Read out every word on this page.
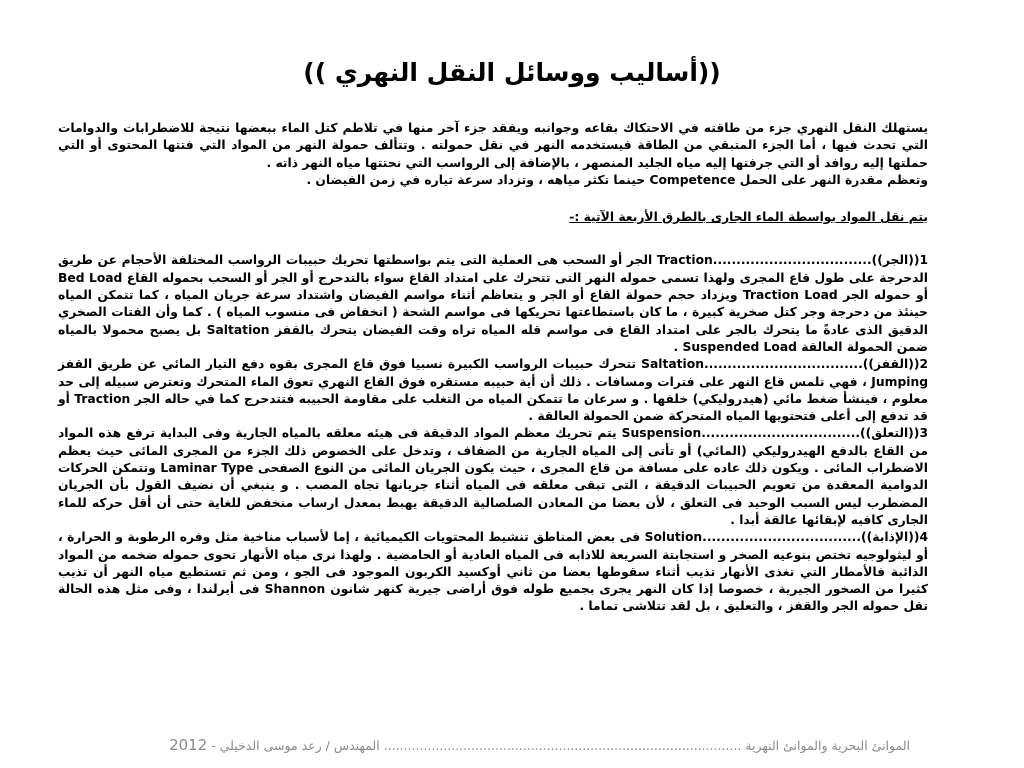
((أساليب ووسائل النقل النهري ))

يستهلك النقل النهري جزء من طاقته في الاحتكاك بقاعه وجوانبه ويفقد جزء آخر منها في تلاطم كتل الماء ببعضها نتيجة للاضطرابات والدوامات التي تحدث فيها ، أما الجزء المتبقي من الطاقة فيستخدمه النهر في نقل حمولته . وتتألف حمولة النهر من المواد التي فتتها المحتوى أو التي حملتها إليه روافد أو التي جرفتها إليه مياه الجليد المنصهر ، بالإضافة إلى الرواسب التي نحتتها مياه النهر ذاته .

وتعظم مقدرة النهر على الحمل Competence حينما تكثر مياهه ، وتزداد سرعة تياره في زمن الفيضان .

يتم نقل المواد بواسطة الماء الجارى بالطرق الأربعة الآتية :-

1((الجر))..................................Traction الجر أو السحب هى العملية التى يتم بواسطتها تحريك حبيبات الرواسب المختلفة الأحجام عن طريق الدحرجة على طول قاع المجرى ولهذا تسمى حموله النهر التى تتحرك على امتداد القاع سواء بالتدحرج أو الجر أو السحب بحموله القاع Bed Load أو حموله الجر Traction Load ويزداد حجم حمولة القاع أو الجر و يتعاظم أثناء مواسم الفيضان واشتداد سرعة جريان المياه ، كما تتمكن المياه حينئذ من دحرجة وجر كتل صخرية كبيرة ، ما كان باستطاعتها تحريكها فى مواسم الشحة ( انخفاض فى منسوب المياه ) . كما وأن الفتات الصخري الدقيق الذى عادةً ما يتحرك بالجر على امتداد القاع فى مواسم قله المياه تراه وقت الفيضان يتحرك بالقفز Saltation بل يصبح محمولا بالمياه ضمن الحمولة العالقة Suspended Load .

2((القفز))..................................Saltation تتحرك حبيبات الرواسب الكبيرة نسبيا فوق قاع المجرى بقوه دفع التيار المائي عن طريق القفز Jumping ، فهي تلمس قاع النهر على فترات ومسافات . ذلك أن أية حبيبه مستقره فوق القاع النهري تعوق الماء المتحرك وتعترض سبيله إلى حد معلوم ، فينشأ ضغط مائي (هيدروليكي) خلفها . و سرعان ما تتمكن المياه من التغلب على مقاومة الحبيبه فتتدحرج كما في حاله الجر Traction أو قد تدفع إلى أعلى فتحتويها المياه المتحركة ضمن الحمولة العالقة .

3((التعلق))..................................Suspension يتم تحريك معظم المواد الدقيقة فى هيئه معلقه بالمياه الجارية وفى البداية ترفع هذه المواد من القاع بالدفع الهيدروليكي (المائي) أو تأتى إلى المياه الجارية من الضفاف ، وتدخل على الخصوص ذلك الجزء من المجرى المائى حيث يعظم الاضطراب المائى . ويكون ذلك عاده على مسافة من قاع المجرى ، حيث يكون الجريان المائى من النوع الصفحى Laminar Type وتتمكن الحركات الدوامية المعقدة من تعويم الحبيبات الدقيقة ، التى تبقى معلقه فى المياه أثناء جريانها تجاه المصب . و ينبغي أن نضيف القول بأن الجريان المضطرب ليس السبب الوحيد فى التعلق ، لأن بعضا من المعادن الصلصالية الدقيقة يهبط بمعدل ارساب منخفض للغاية حتى أن أقل حركه للماء الجارى كافيه لإبقائها عالقة أبدا .

4((الإذابة))..................................Solution فى بعض المناطق تنشيط المحتويات الكيميائية ، إما لأسباب مناخية مثل وفره الرطوبة و الحرارة ، أو ليثولوجيه تختص بنوعيه الصخر و استجابتة السريعة للاذابه فى المياه العادية أو الحامضية . ولهذا نرى مياه الأنهار تحوى حموله ضخمه من المواد الذائبة فالأمطار التي تغذى الأنهار تذيب أثناء سقوطها بعضا من ثاني أوكسيد الكربون الموجود فى الجو ، ومن ثم تستطيع مياه النهر أن تذيب كثيرا من الصخور الجيرية ، خصوصا إذا كان النهر يجرى بجميع طوله فوق أراضى جيرية كنهر شانون Shannon فى أيرلندا ، وفى مثل هذه الحالة تقل حموله الجر والقفز ، والتعليق ، بل لقد تتلاشى تماما .

الموانئ البحرية والموانئ النهرية .......................................................................................... المهندس / رعد موسى الدخيلي - 2012
